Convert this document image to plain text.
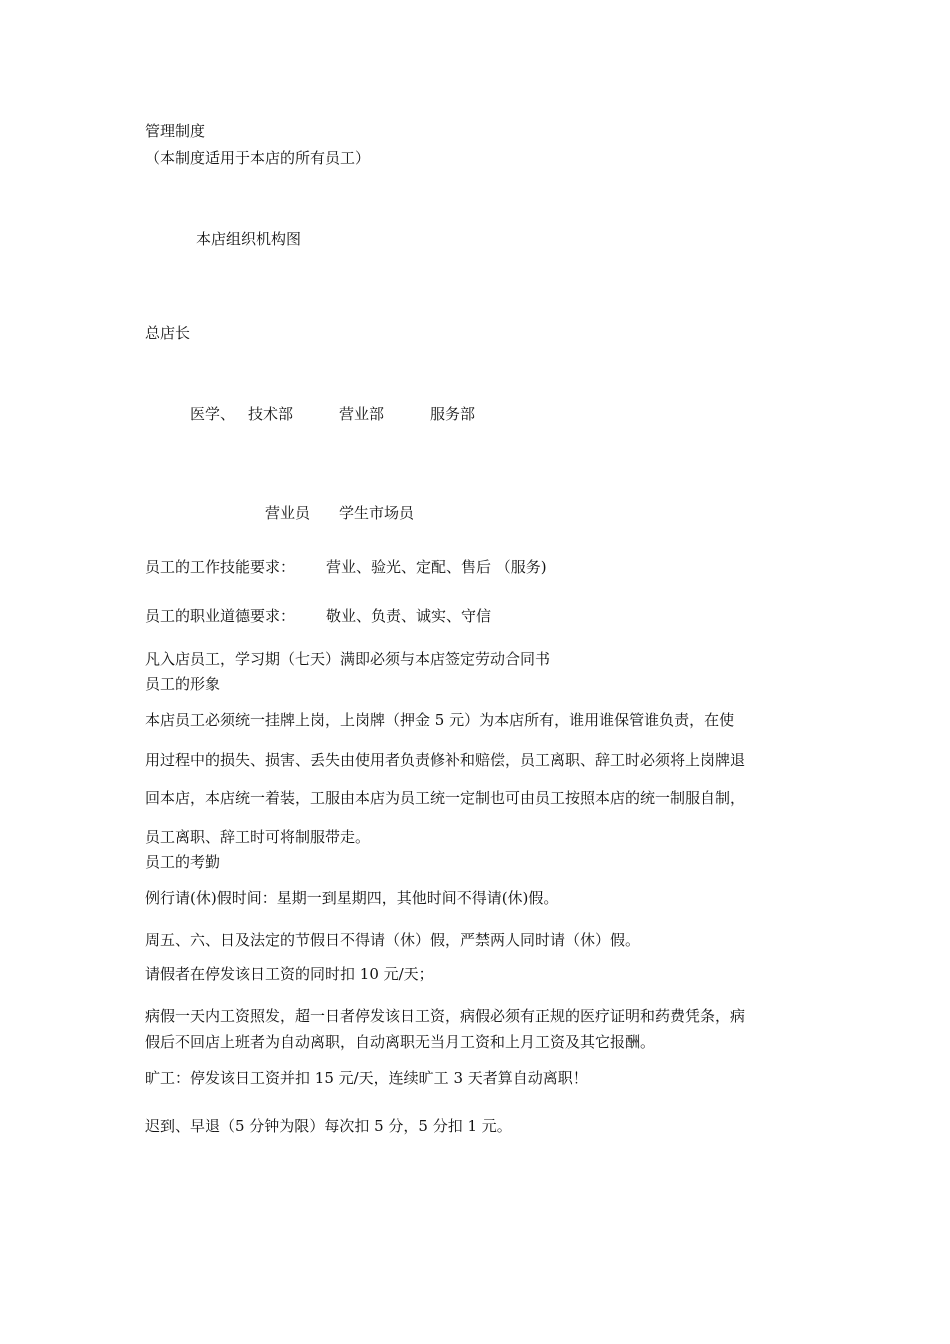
管理制度
（本制度适用于本店的所有员工）
本店组织机构图
总店长
医学、 技术部	营业部	服务部
营业员 学生市场员
员工的工作技能要求： 营业、验光、定配、售后 （服务)
员工的职业道德要求： 敬业、负责、诚实、守信
凡入店员工，学习期（七天）满即必须与本店签定劳动合同书
员工的形象
本店员工必须统一挂牌上岗，上岗牌（押金 5 元）为本店所有，谁用谁保管谁负责，在使
用过程中的损失、损害、丢失由使用者负责修补和赔偿，员工离职、辞工时必须将上岗牌退
回本店，本店统一着装，工服由本店为员工统一定制也可由员工按照本店的统一制服自制，
员工离职、辞工时可将制服带走。
员工的考勤
例行请(休)假时间：星期一到星期四，其他时间不得请(休)假。
周五、六、日及法定的节假日不得请（休）假，严禁两人同时请（休）假。
请假者在停发该日工资的同时扣 10 元/天；
病假一天内工资照发，超一日者停发该日工资，病假必须有正规的医疗证明和药费凭条，病
假后不回店上班者为自动离职，自动离职无当月工资和上月工资及其它报酬。
旷工：停发该日工资并扣 15 元/天，连续旷工 3 天者算自动离职！
迟到、早退（5 分钟为限）每次扣 5 分，5 分扣 1 元。
